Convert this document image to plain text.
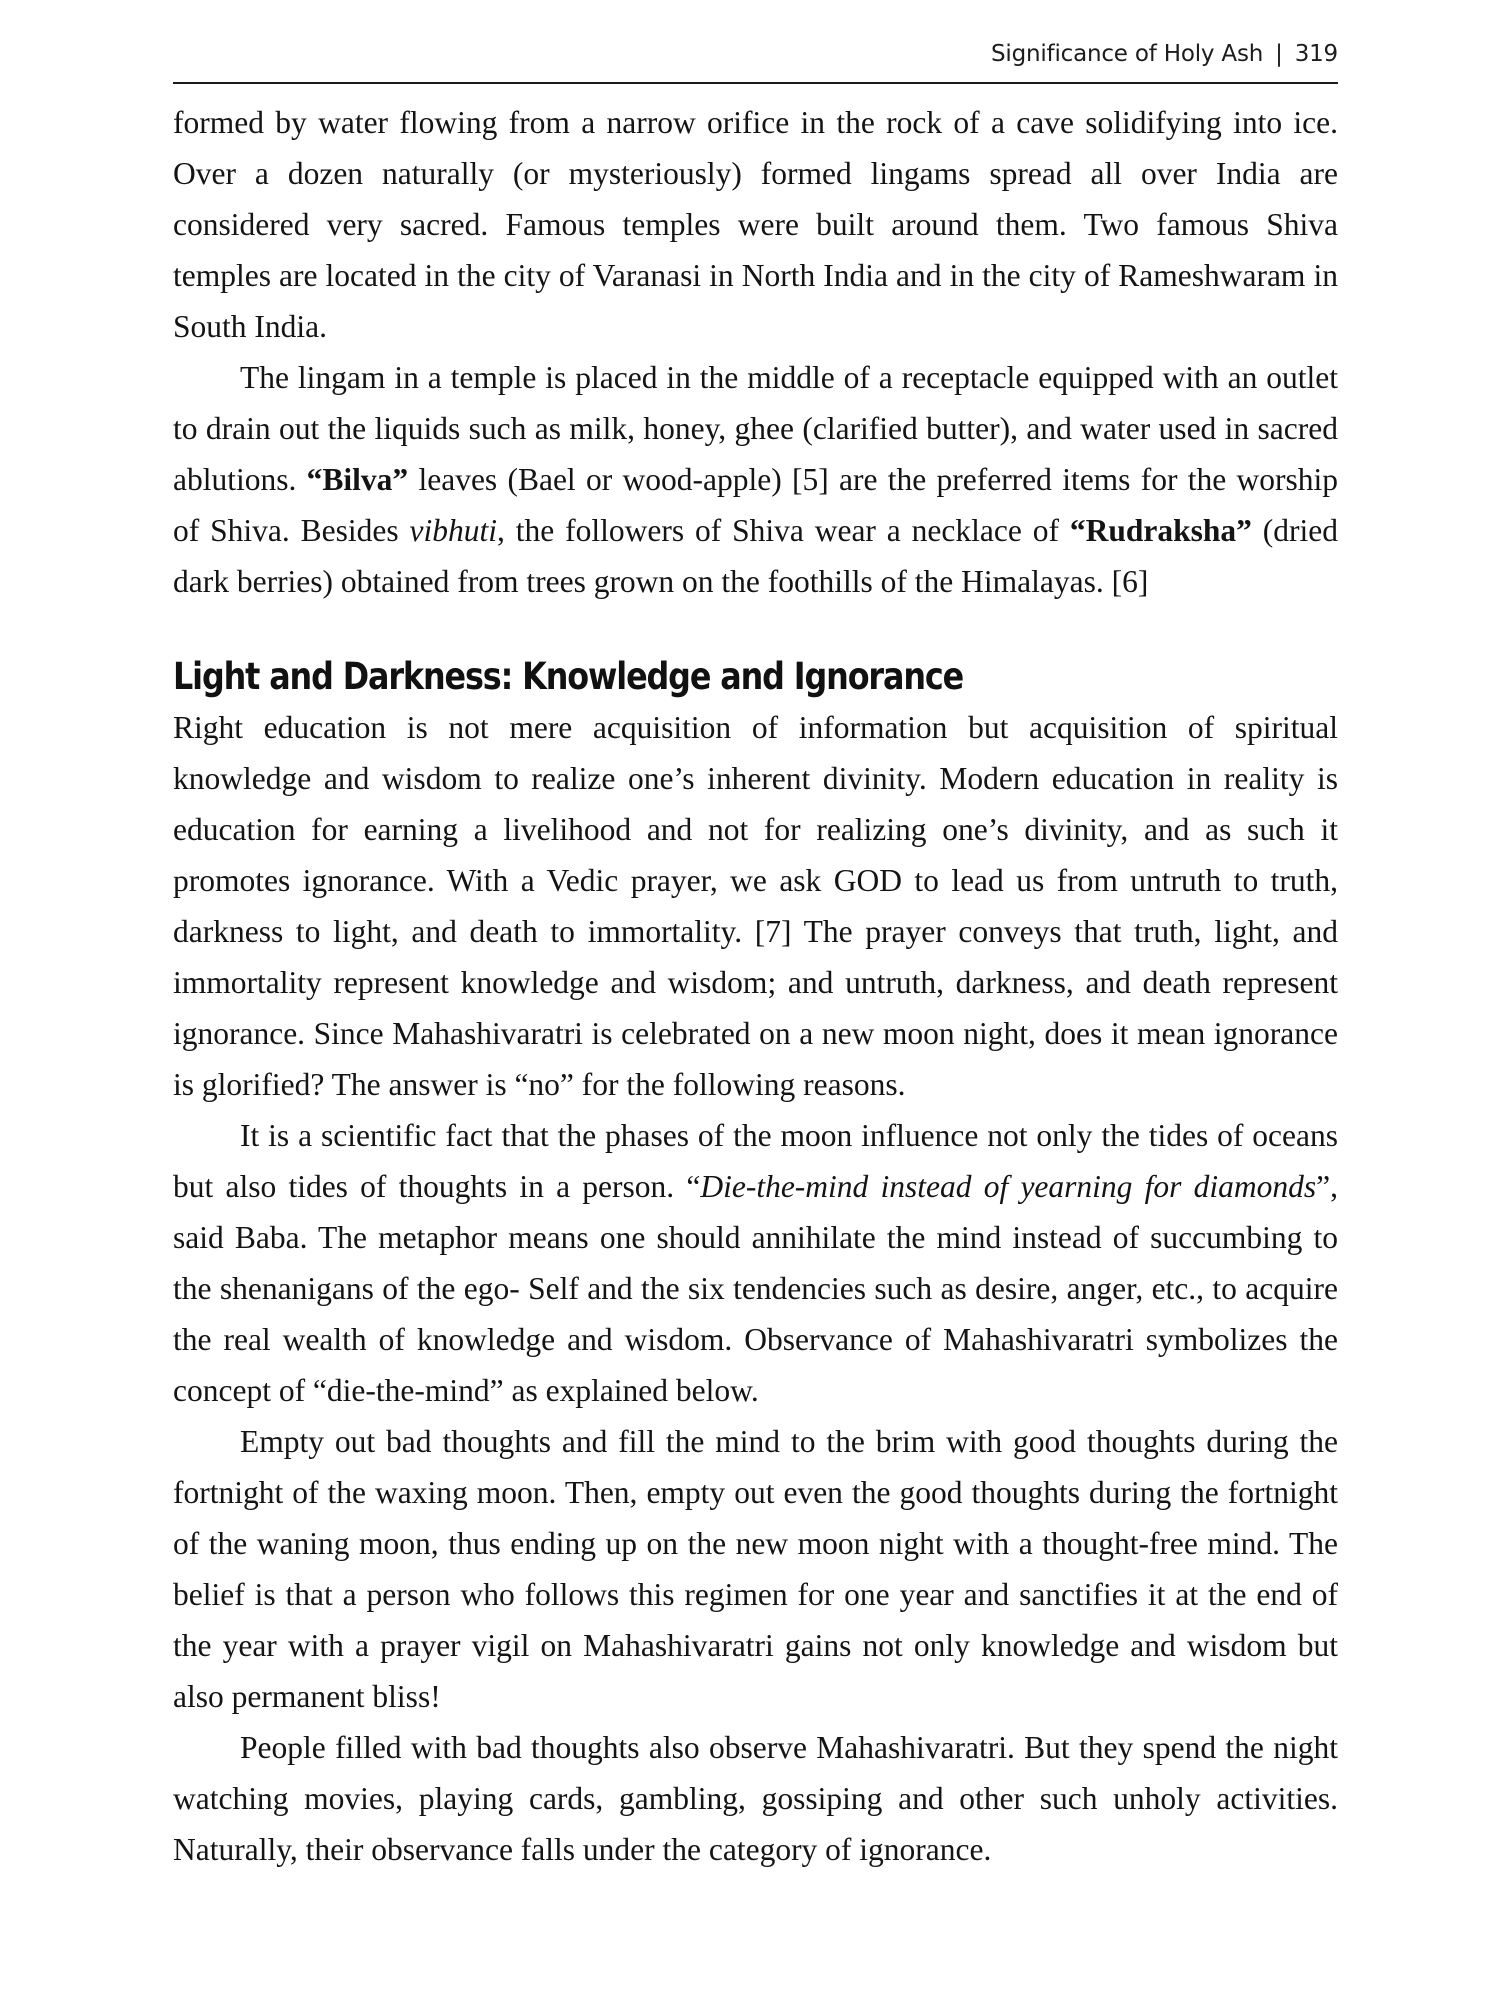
Significance of Holy Ash | 319

formed by water flowing from a narrow orifice in the rock of a cave solidifying into ice. Over a dozen naturally (or mysteriously) formed lingams spread all over India are considered very sacred. Famous temples were built around them. Two famous Shiva temples are located in the city of Varanasi in North India and in the city of Rameshwaram in South India.

The lingam in a temple is placed in the middle of a receptacle equipped with an outlet to drain out the liquids such as milk, honey, ghee (clarified butter), and water used in sacred ablutions. “Bilva” leaves (Bael or wood-apple) [5] are the preferred items for the worship of Shiva. Besides vibhuti, the followers of Shiva wear a necklace of “Rudraksha” (dried dark berries) obtained from trees grown on the foothills of the Himalayas. [6]

Light and Darkness: Knowledge and Ignorance

Right education is not mere acquisition of information but acquisition of spiritual knowledge and wisdom to realize one’s inherent divinity. Modern education in reality is education for earning a livelihood and not for realizing one’s divinity, and as such it promotes ignorance. With a Vedic prayer, we ask GOD to lead us from untruth to truth, darkness to light, and death to immortality. [7] The prayer conveys that truth, light, and immortality represent knowledge and wisdom; and untruth, darkness, and death represent ignorance. Since Mahashivaratri is celebrated on a new moon night, does it mean ignorance is glorified? The answer is “no” for the following reasons.

It is a scientific fact that the phases of the moon influence not only the tides of oceans but also tides of thoughts in a person. “Die-the-mind instead of yearning for diamonds”, said Baba. The metaphor means one should annihilate the mind instead of succumbing to the shenanigans of the ego- Self and the six tendencies such as desire, anger, etc., to acquire the real wealth of knowledge and wisdom. Observance of Mahashivaratri symbolizes the concept of “die-the-mind” as explained below.

Empty out bad thoughts and fill the mind to the brim with good thoughts during the fortnight of the waxing moon. Then, empty out even the good thoughts during the fortnight of the waning moon, thus ending up on the new moon night with a thought-free mind. The belief is that a person who follows this regimen for one year and sanctifies it at the end of the year with a prayer vigil on Mahashivaratri gains not only knowledge and wisdom but also permanent bliss!

People filled with bad thoughts also observe Mahashivaratri. But they spend the night watching movies, playing cards, gambling, gossiping and other such unholy activities. Naturally, their observance falls under the category of ignorance.
